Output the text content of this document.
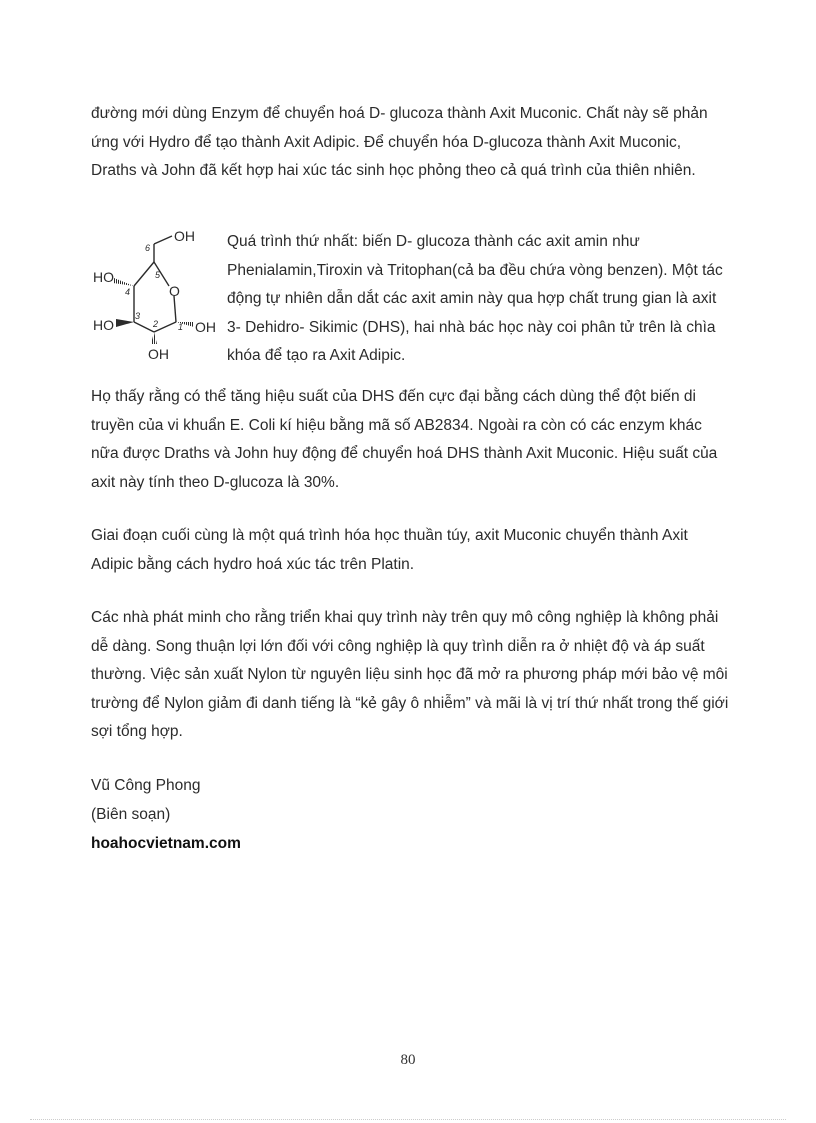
đường mới dùng Enzym để chuyển hoá D- glucoza thành Axit Muconic. Chất này sẽ phản ứng với Hydro để tạo thành Axit Adipic. Để chuyển hóa D-glucoza thành Axit Muconic, Draths và John đã kết hợp hai xúc tác sinh học phỏng theo cả quá trình của thiên nhiên.

OH
HO
HO
OH
OH
O
6
5
4
3
2 1

Quá trình thứ nhất: biến D- glucoza thành các axit amin như Phenialamin,Tiroxin và Tritophan(cả ba đều chứa vòng benzen). Một tác động tự nhiên dẫn dắt các axit amin này qua hợp chất trung gian là axit 3- Dehidro- Sikimic (DHS), hai nhà bác học này coi phân tử trên là chìa khóa để tạo ra Axit Adipic.

Họ thấy rằng có thể tăng hiệu suất của DHS đến cực đại bằng cách dùng thể đột biến di truyền của vi khuẩn E. Coli kí hiệu bằng mã số AB2834. Ngoài ra còn có các enzym khác nữa được Draths và John huy động để chuyển hoá DHS thành Axit Muconic. Hiệu suất của axit này tính theo D-glucoza là 30%.

Giai đoạn cuối cùng là một quá trình hóa học thuần túy, axit Muconic chuyển thành Axit Adipic bằng cách hydro hoá xúc tác trên Platin.

Các nhà phát minh cho rằng triển khai quy trình này trên quy mô công nghiệp là không phải dễ dàng. Song thuận lợi lớn đối với công nghiệp là quy trình diễn ra ở nhiệt độ và áp suất thường. Việc sản xuất Nylon từ nguyên liệu sinh học đã mở ra phương pháp mới bảo vệ môi trường để Nylon giảm đi danh tiếng là “kẻ gây ô nhiễm” và mãi là vị trí thứ nhất trong thế giới sợi tổng hợp.

Vũ Công Phong

(Biên soạn)

hoahocvietnam.com

80
